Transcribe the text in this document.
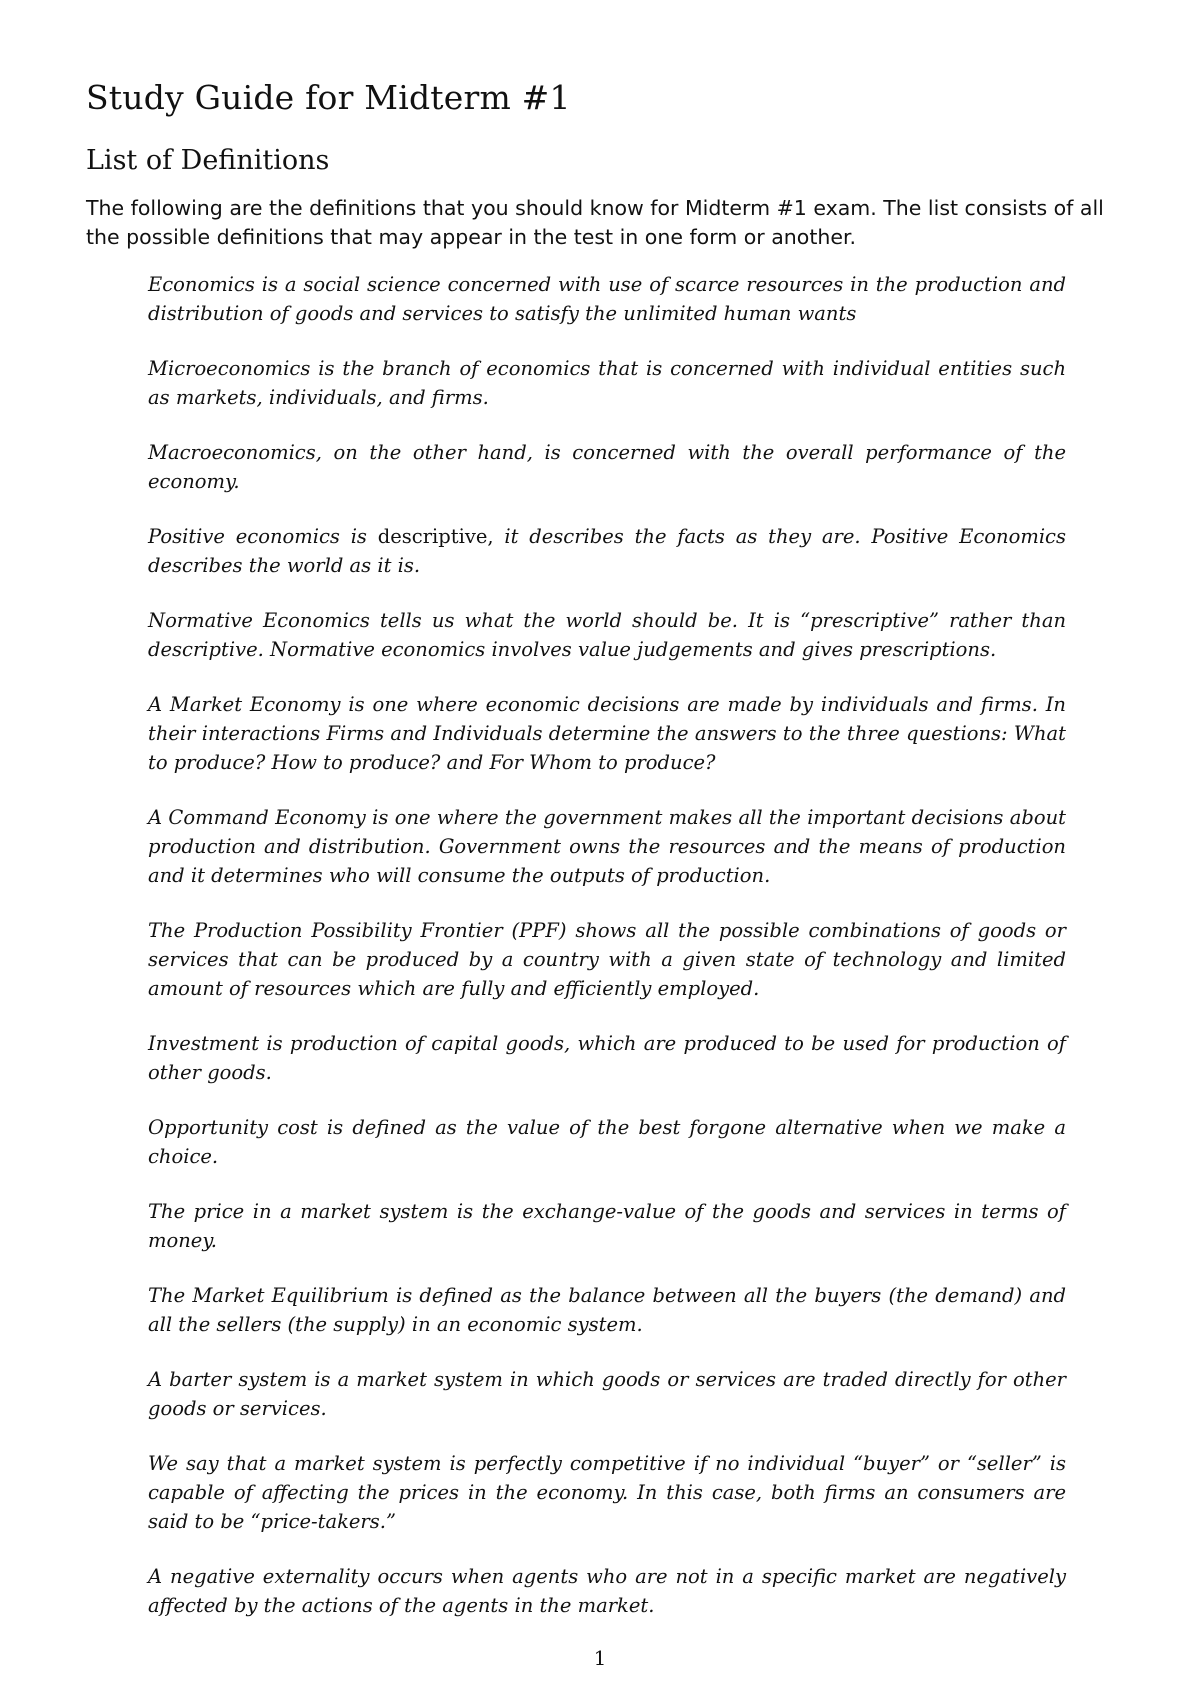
Study Guide for Midterm #1
List of Definitions

The following are the definitions that you should know for Midterm #1 exam. The list consists of all the possible definitions that may appear in the test in one form or another.

Economics is a social science concerned with use of scarce resources in the production and distribution of goods and services to satisfy the unlimited human wants

Microeconomics is the branch of economics that is concerned with individual entities such as markets, individuals, and firms.

Macroeconomics, on the other hand, is concerned with the overall performance of the economy.

Positive economics is descriptive, it describes the facts as they are. Positive Economics describes the world as it is.

Normative Economics tells us what the world should be. It is “prescriptive” rather than descriptive. Normative economics involves value judgements and gives prescriptions.

A Market Economy is one where economic decisions are made by individuals and firms. In their interactions Firms and Individuals determine the answers to the three questions: What to produce? How to produce? and For Whom to produce?

A Command Economy is one where the government makes all the important decisions about production and distribution. Government owns the resources and the means of production and it determines who will consume the outputs of production.

The Production Possibility Frontier (PPF) shows all the possible combinations of goods or services that can be produced by a country with a given state of technology and limited amount of resources which are fully and efficiently employed.

Investment is production of capital goods, which are produced to be used for production of other goods.

Opportunity cost is defined as the value of the best forgone alternative when we make a choice.

The price in a market system is the exchange-value of the goods and services in terms of money.

The Market Equilibrium is defined as the balance between all the buyers (the demand) and all the sellers (the supply) in an economic system.

A barter system is a market system in which goods or services are traded directly for other goods or services.

We say that a market system is perfectly competitive if no individual “buyer” or “seller” is capable of affecting the prices in the economy. In this case, both firms an consumers are said to be “price-takers.”

A negative externality occurs when agents who are not in a specific market are negatively affected by the actions of the agents in the market.

1
